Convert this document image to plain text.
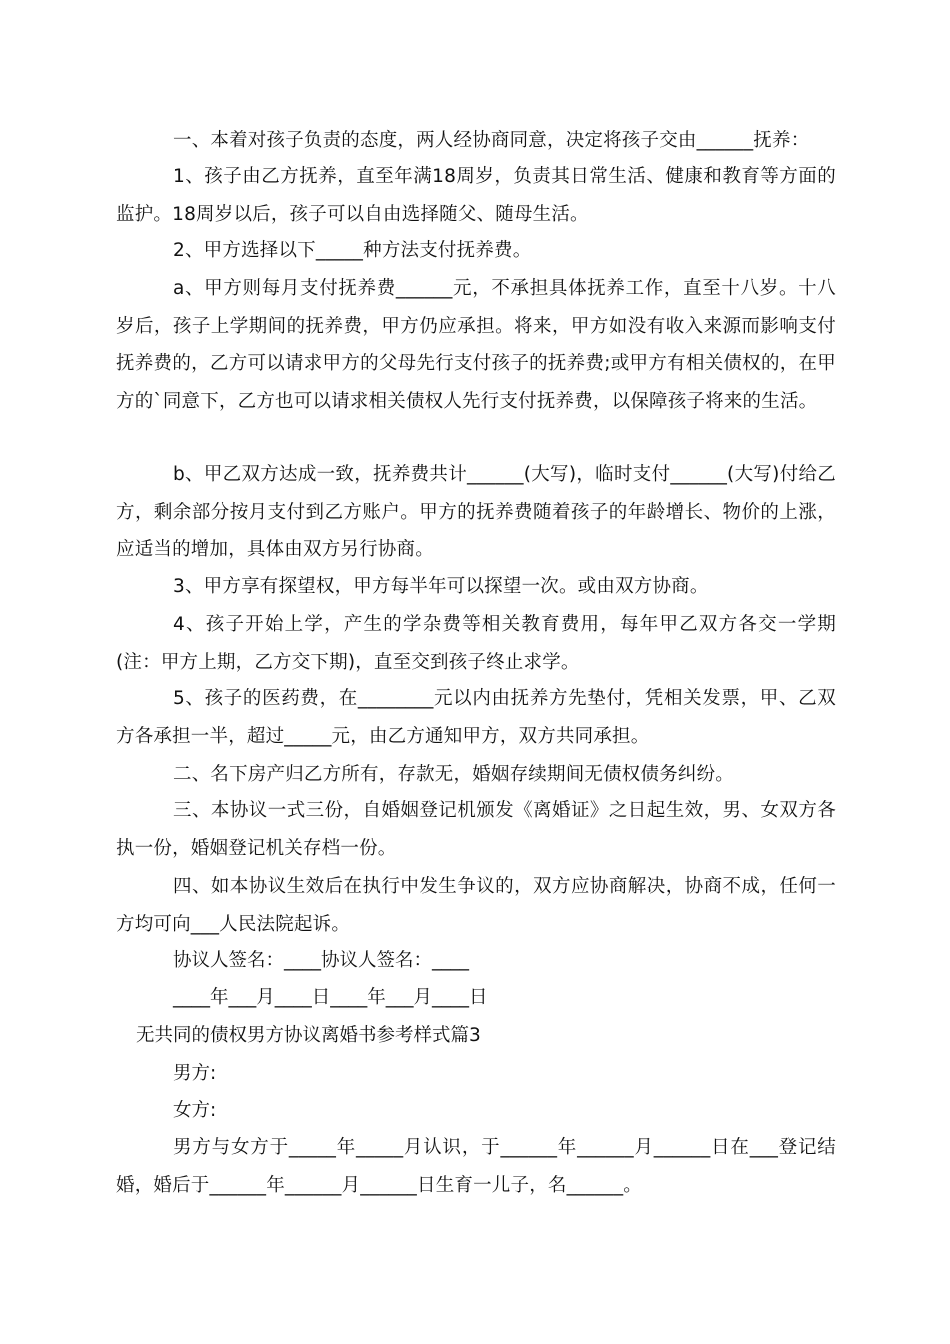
一、本着对孩子负责的态度，两人经协商同意，决定将孩子交由______抚养：

1、孩子由乙方抚养，直至年满18周岁，负责其日常生活、健康和教育等方面的监护。18周岁以后，孩子可以自由选择随父、随母生活。

2、甲方选择以下_____种方法支付抚养费。

a、甲方则每月支付抚养费______元，不承担具体抚养工作，直至十八岁。十八岁后，孩子上学期间的抚养费，甲方仍应承担。将来，甲方如没有收入来源而影响支付抚养费的，乙方可以请求甲方的父母先行支付孩子的抚养费;或甲方有相关债权的，在甲方的`同意下，乙方也可以请求相关债权人先行支付抚养费，以保障孩子将来的生活。

b、甲乙双方达成一致，抚养费共计______(大写)，临时支付______(大写)付给乙方，剩余部分按月支付到乙方账户。甲方的抚养费随着孩子的年龄增长、物价的上涨，应适当的增加，具体由双方另行协商。

3、甲方享有探望权，甲方每半年可以探望一次。或由双方协商。

4、孩子开始上学，产生的学杂费等相关教育费用，每年甲乙双方各交一学期(注：甲方上期，乙方交下期)，直至交到孩子终止求学。

5、孩子的医药费，在________元以内由抚养方先垫付，凭相关发票，甲、乙双方各承担一半，超过_____元，由乙方通知甲方，双方共同承担。

二、名下房产归乙方所有，存款无，婚姻存续期间无债权债务纠纷。

三、本协议一式三份，自婚姻登记机颁发《离婚证》之日起生效，男、女双方各执一份，婚姻登记机关存档一份。

四、如本协议生效后在执行中发生争议的，双方应协商解决，协商不成，任何一方均可向___人民法院起诉。

协议人签名：____协议人签名：____

____年___月____日____年___月____日

无共同的债权男方协议离婚书参考样式篇3

男方:

女方:

男方与女方于_____年_____月认识，于______年______月______日在___登记结婚，婚后于______年______月______日生育一儿子，名______。
